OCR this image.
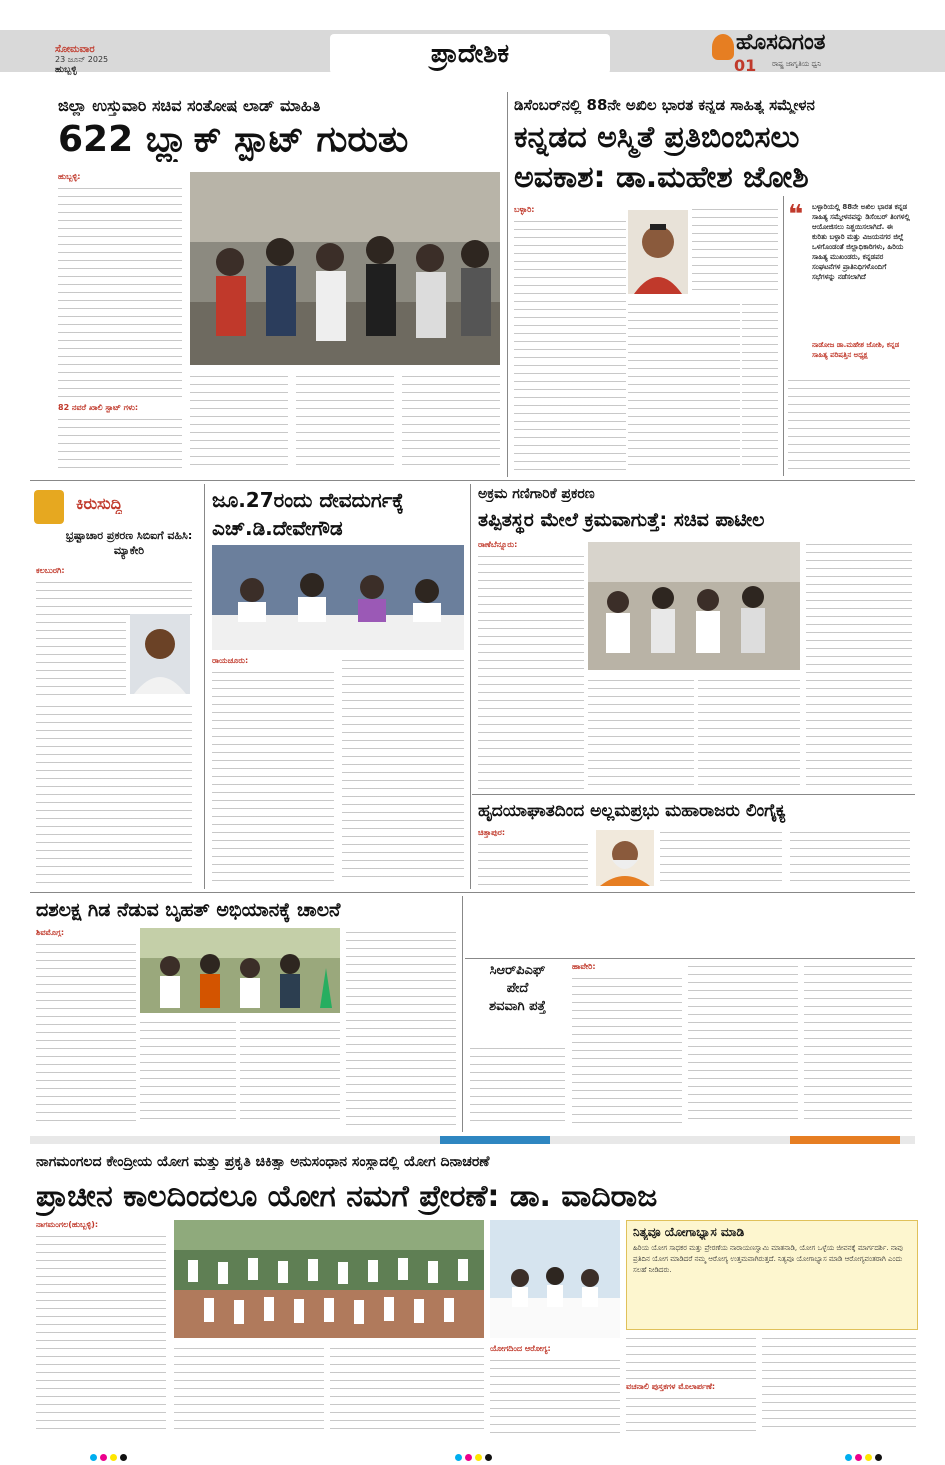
ಸೋಮವಾರ
23 ಜೂನ್ 2025
ಹುಬ್ಬಳ್ಳಿ
ಪ್ರಾದೇಶಿಕ	ಹೊಸದಿಗಂತ
ರಾಷ್ಟ್ರ ಜಾಗೃತಿಯ ಧ್ವನಿ
01
ಜಿಲ್ಲಾ ಉಸ್ತುವಾರಿ ಸಚಿವ ಸಂತೋಷ ಲಾಡ್ ಮಾಹಿತಿ
622 ಬ್ಲ್ಯಾಕ್ ಸ್ಪಾಟ್ ಗುರುತು
ಹುಬ್ಬಳ್ಳಿ:
82 ನವರೆ ಖಾಲಿ ಸ್ಪಾಟ್ ಗಳು:
ಡಿಸೆಂಬರ್‌ನಲ್ಲಿ 88ನೇ ಅಖಿಲ ಭಾರತ ಕನ್ನಡ ಸಾಹಿತ್ಯ ಸಮ್ಮೇಳನ
ಕನ್ನಡದ ಅಸ್ಮಿತೆ ಪ್ರತಿಬಿಂಬಿಸಲು
ಅವಕಾಶ: ಡಾ.ಮಹೇಶ ಜೋಶಿ
ಬಳ್ಳಾರಿ:	❝ ಬಳ್ಳಾರಿಯಲ್ಲಿ 88ನೇ ಅಖಿಲ ಭಾರತ ಕನ್ನಡ ಸಾಹಿತ್ಯ ಸಮ್ಮೇಳನವನ್ನು ಡಿಸೆಂಬರ್ ತಿಂಗಳಲ್ಲಿ ಆಯೋಜಿಸಲು ನಿಶ್ಚಯಿಸಲಾಗಿದೆ. ಈ ಕುರಿತು ಬಳ್ಳಾರಿ ಮತ್ತು ವಿಜಯನಗರ ಜಿಲ್ಲೆ ಒಳಗೊಂಡಂತೆ ಜಿಲ್ಲಾಧಿಕಾರಿಗಳು, ಹಿರಿಯ ಸಾಹಿತ್ಯ ಮುಖಂಡರು, ಕನ್ನಡಪರ ಸಂಘಟನೆಗಳ ಪ್ರಾತಿನಿಧಿಗಳೊಂದಿಗೆ ಸಭೆಗಳನ್ನು ನಡೆಸಲಾಗಿದೆ
ನಾಡೋಜ ಡಾ.ಮಹೇಶ ಜೋಶಿ, ಕನ್ನಡ ಸಾಹಿತ್ಯ ಪರಿಷತ್ತಿನ ಅಧ್ಯಕ್ಷ
ಕಿರುಸುದ್ದಿ
ಭ್ರಷ್ಟಾಚಾರ ಪ್ರಕರಣ ಸಿಬಿಐಗೆ ವಹಿಸಿ: ಮ್ಯಾಕೇರಿ
ಕಲಬುರಗಿ:
ಜೂ.27ರಂದು ದೇವದುರ್ಗಕ್ಕೆ
ಎಚ್.ಡಿ.ದೇವೇಗೌಡ
ರಾಯಚೂರು:
ಅಕ್ರಮ ಗಣಿಗಾರಿಕೆ ಪ್ರಕರಣ
ತಪ್ಪಿತಸ್ಥರ ಮೇಲೆ ಕ್ರಮವಾಗುತ್ತೆ: ಸಚಿವ ಪಾಟೀಲ
ರಾಣೆಬೆನ್ನೂರು:
ಹೃದಯಾಘಾತದಿಂದ ಅಲ್ಲಮಪ್ರಭು ಮಹಾರಾಜರು ಲಿಂಗೈಕ್ಯ
ಚಿತ್ತಾಪುರ:
ದಶಲಕ್ಷ ಗಿಡ ನೆಡುವ ಬೃಹತ್ ಅಭಿಯಾನಕ್ಕೆ ಚಾಲನೆ
ಶಿವಮೊಗ್ಗ:
ಸಿಆರ್‌ಪಿಎಫ್
ಪೇದೆ
ಶವವಾಗಿ ಪತ್ತೆ
ಹಾವೇರಿ:
ನಾಗಮಂಗಲದ ಕೇಂದ್ರೀಯ ಯೋಗ ಮತ್ತು ಪ್ರಕೃತಿ ಚಿಕಿತ್ಸಾ ಅನುಸಂಧಾನ ಸಂಸ್ಥಾದಲ್ಲಿ ಯೋಗ ದಿನಾಚರಣೆ
ಪ್ರಾಚೀನ ಕಾಲದಿಂದಲೂ ಯೋಗ ನಮಗೆ ಪ್ರೇರಣೆ: ಡಾ. ವಾದಿರಾಜ
ನಾಗಮಂಗಲ(ಹುಬ್ಬಳ್ಳಿ):
ಯೋಗದಿಂದ ಆರೋಗ್ಯ:
ನಿತ್ಯವೂ ಯೋಗಾಭ್ಯಾಸ ಮಾಡಿ
ಹಿರಿಯ ಯೋಗ ಸಾಧಕರ ಮತ್ತು ಪ್ರೇರಣೆಯ ನಾರಾಯಣಸ್ವಾಮಿ ಮಾತನಾಡಿ, ಯೋಗ ಒಳ್ಳೆಯ ಜೀವನಕ್ಕೆ ಮಾರ್ಗದರ್ಶಿ. ನಾವು ಪ್ರತಿದಿನ ಯೋಗ ಮಾಡಿದರೆ ನಮ್ಮ ಆರೋಗ್ಯ ಉತ್ತಮವಾಗಿರುತ್ತದೆ. ನಿತ್ಯವೂ ಯೋಗಾಭ್ಯಾಸ ಮಾಡಿ ಆರೋಗ್ಯವಂತರಾಗಿ ಎಂದು ಸಲಹೆ ನೀಡಿದರು.
ವಚನಾಲಿ ಪುಸ್ತಕಗಳ ಮೊಲಾರ್ಪಣೆ:
